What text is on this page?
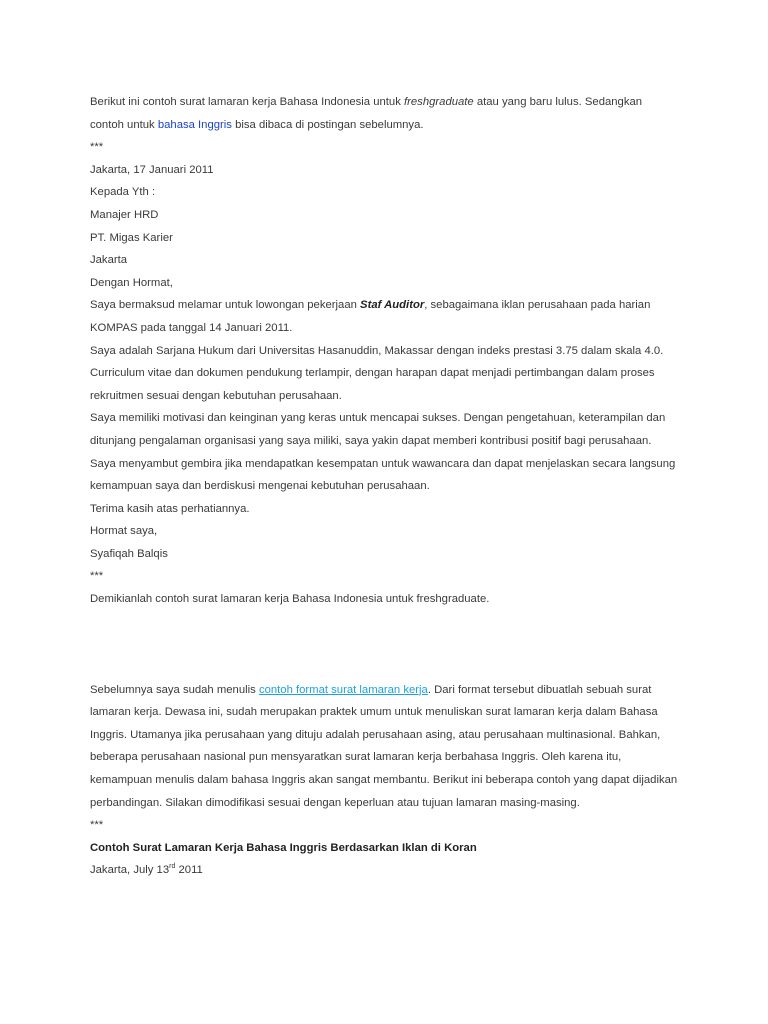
Berikut ini contoh surat lamaran kerja Bahasa Indonesia untuk freshgraduate atau yang baru lulus. Sedangkan
contoh untuk bahasa Inggris bisa dibaca di postingan sebelumnya.
***
Jakarta, 17 Januari 2011
Kepada Yth :
Manajer HRD
PT. Migas Karier
Jakarta
Dengan Hormat,
Saya bermaksud melamar untuk lowongan pekerjaan Staf Auditor, sebagaimana iklan perusahaan pada harian
KOMPAS pada tanggal 14 Januari 2011.
Saya adalah Sarjana Hukum dari Universitas Hasanuddin, Makassar dengan indeks prestasi 3.75 dalam skala 4.0.
Curriculum vitae dan dokumen pendukung terlampir, dengan harapan dapat menjadi pertimbangan dalam proses
rekruitmen sesuai dengan kebutuhan perusahaan.
Saya memiliki motivasi dan keinginan yang keras untuk mencapai sukses. Dengan pengetahuan, keterampilan dan
ditunjang pengalaman organisasi yang saya miliki, saya yakin dapat memberi kontribusi positif bagi perusahaan.
Saya menyambut gembira jika mendapatkan kesempatan untuk wawancara dan dapat menjelaskan secara langsung
kemampuan saya dan berdiskusi mengenai kebutuhan perusahaan.
Terima kasih atas perhatiannya.
Hormat saya,
Syafiqah Balqis
***
Demikianlah contoh surat lamaran kerja Bahasa Indonesia untuk freshgraduate.
Sebelumnya saya sudah menulis contoh format surat lamaran kerja. Dari format tersebut dibuatlah sebuah surat
lamaran kerja. Dewasa ini, sudah merupakan praktek umum untuk menuliskan surat lamaran kerja dalam Bahasa
Inggris. Utamanya jika perusahaan yang dituju adalah perusahaan asing, atau perusahaan multinasional. Bahkan,
beberapa perusahaan nasional pun mensyaratkan surat lamaran kerja berbahasa Inggris. Oleh karena itu,
kemampuan menulis dalam bahasa Inggris akan sangat membantu. Berikut ini beberapa contoh yang dapat dijadikan
perbandingan. Silakan dimodifikasi sesuai dengan keperluan atau tujuan lamaran masing-masing.
***
Contoh Surat Lamaran Kerja Bahasa Inggris Berdasarkan Iklan di Koran
Jakarta, July 13rd 2011
